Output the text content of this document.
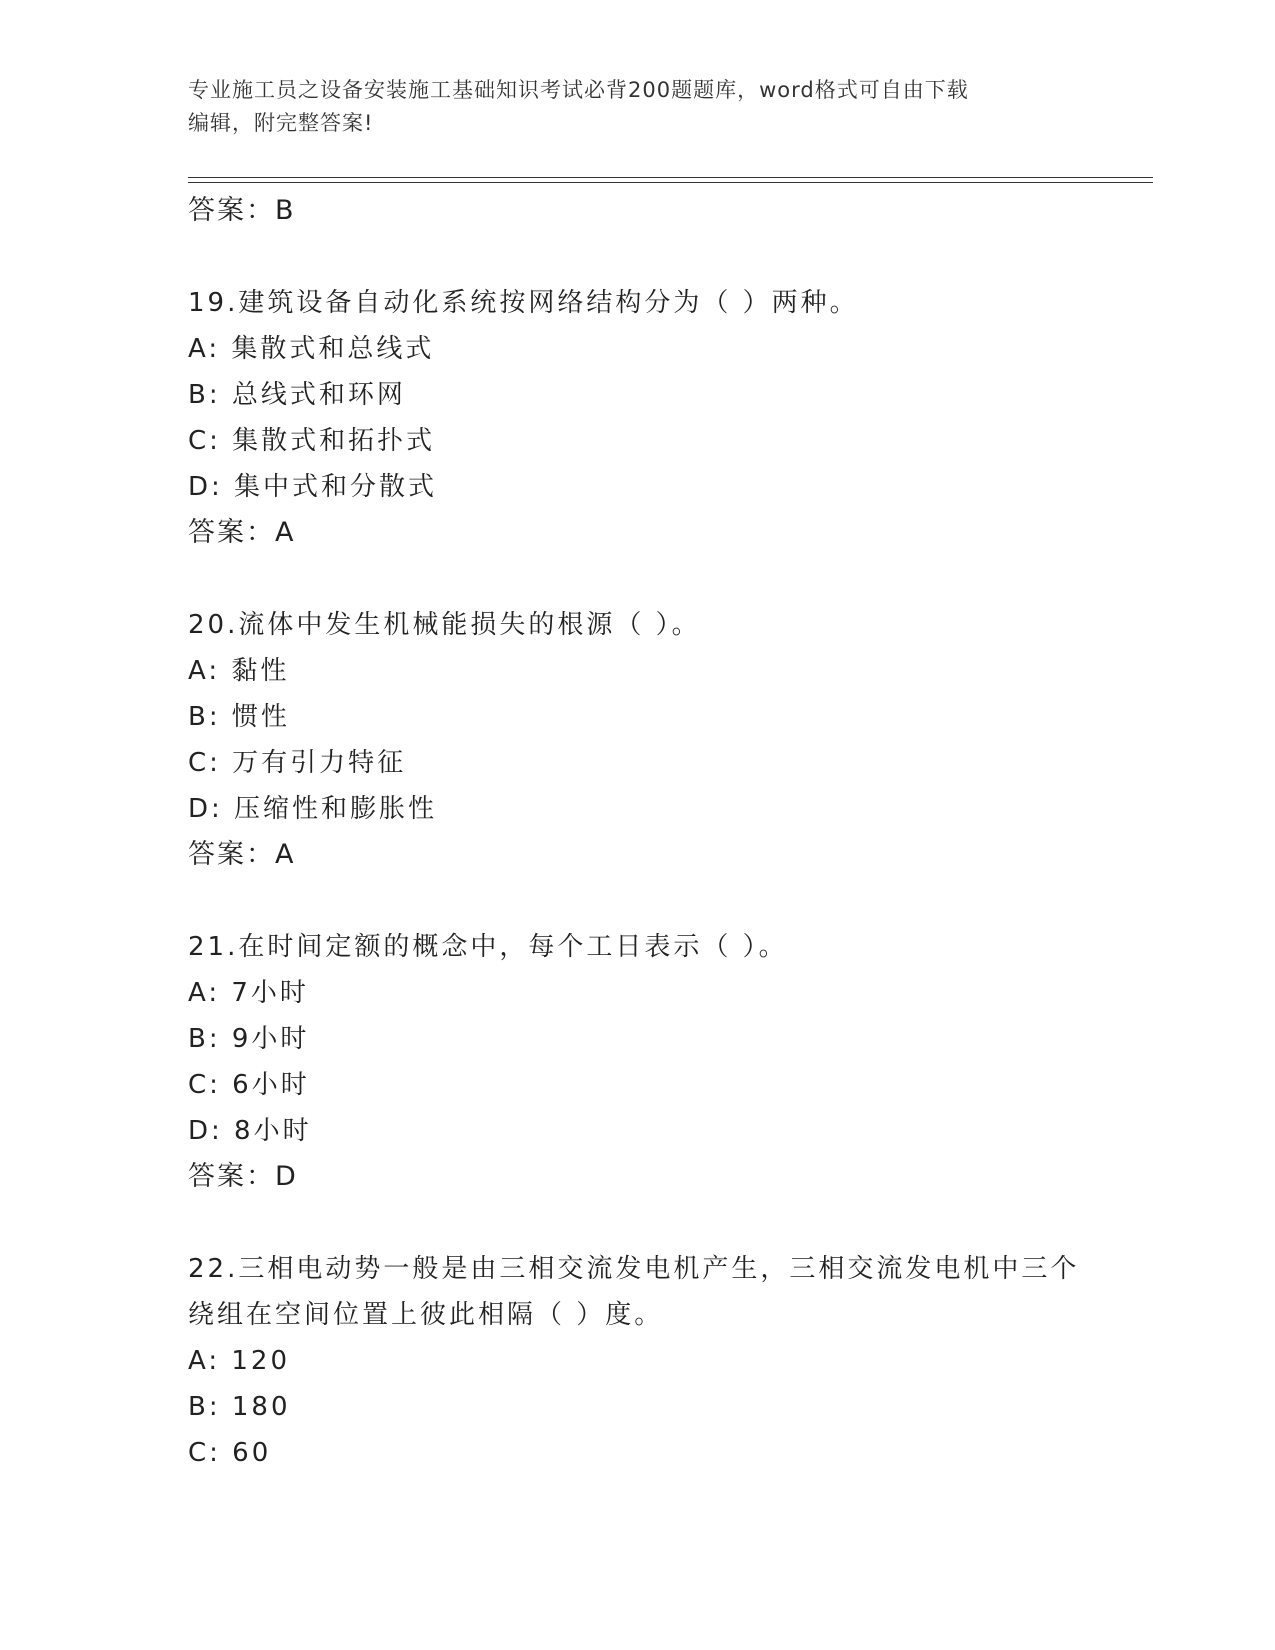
专业施工员之设备安装施工基础知识考试必背200题题库，word格式可自由下载
编辑，附完整答案!
答案：B
19.建筑设备自动化系统按网络结构分为（ ）两种。
A: 集散式和总线式
B: 总线式和环网
C: 集散式和拓扑式
D: 集中式和分散式
答案：A
20.流体中发生机械能损失的根源（ ）。
A: 黏性
B: 惯性
C: 万有引力特征
D: 压缩性和膨胀性
答案：A
21.在时间定额的概念中，每个工日表示（ ）。
A: 7小时
B: 9小时
C: 6小时
D: 8小时
答案：D
22.三相电动势一般是由三相交流发电机产生，三相交流发电机中三个
绕组在空间位置上彼此相隔（ ）度。
A: 120
B: 180
C: 60
